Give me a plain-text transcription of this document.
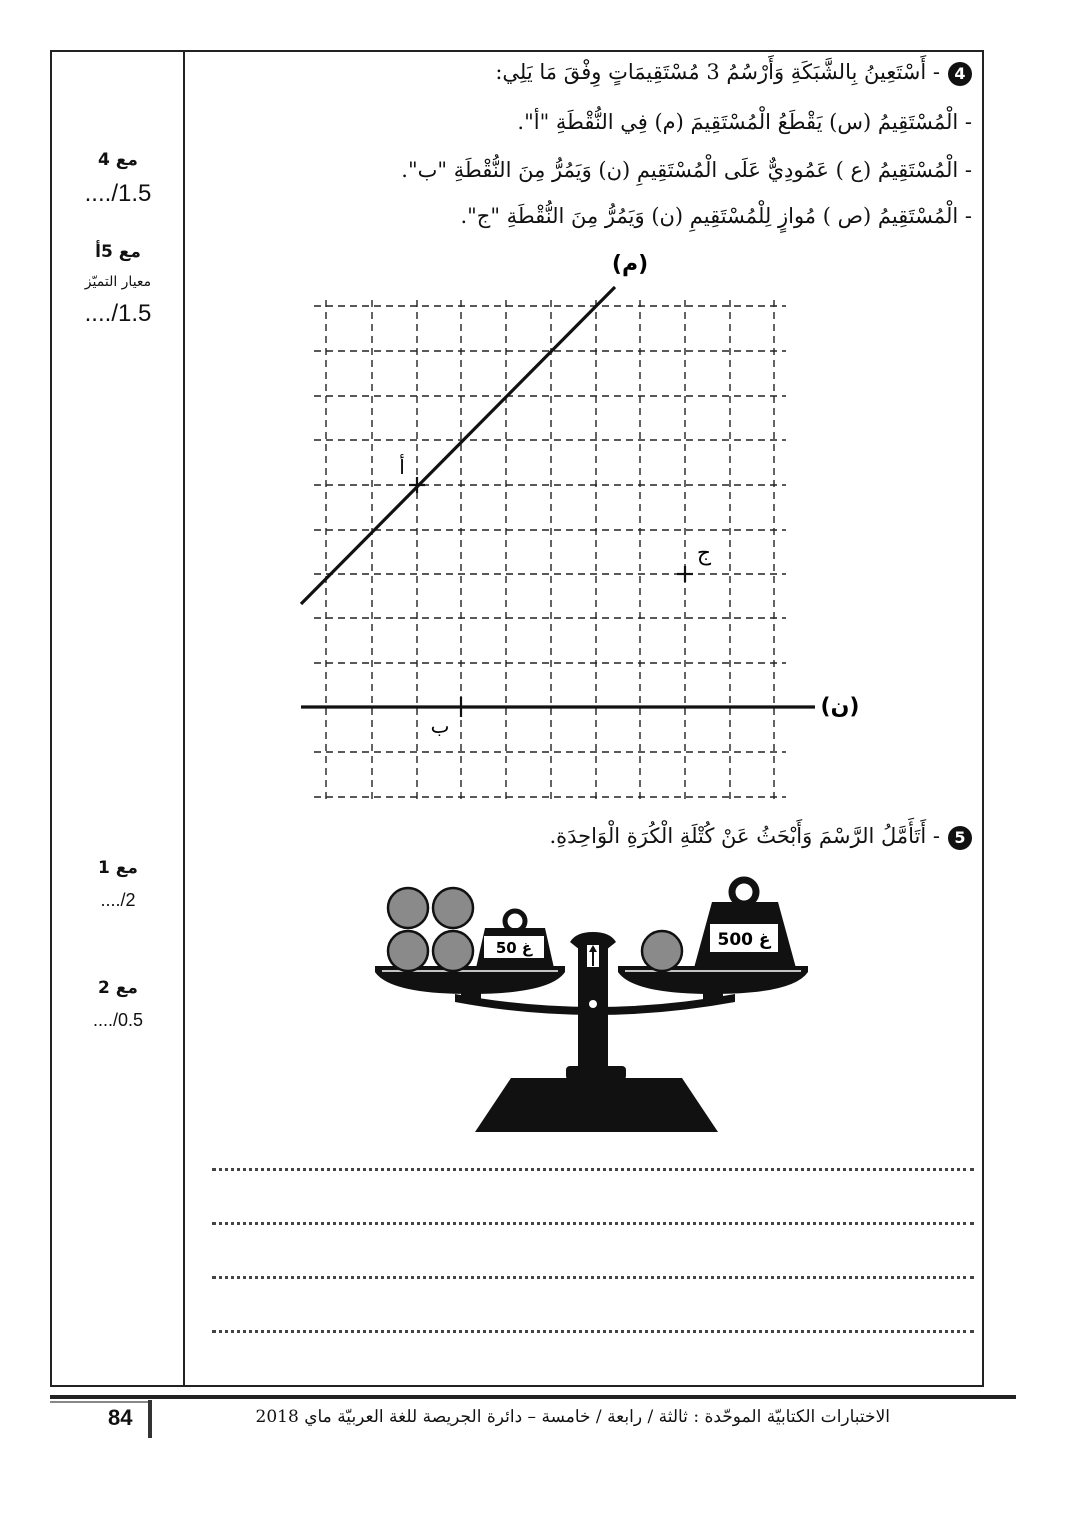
مع 4
1.5/....
مع 5أ
معيار التميّز
1.5/....
مع 1
2/....
مع 2
0.5/....
4- أَسْتَعِينُ بِالشَّبَكَةِ وَأَرْسُمُ 3 مُسْتَقِيمَاتٍ وِفْقَ مَا يَلِي:
- الْمُسْتَقِيمُ (س) يَقْطَعُ الْمُسْتَقِيمَ (م) فِي النُّقْطَةِ "أ".
- الْمُسْتَقِيمُ (ع ) عَمُودِيٌّ عَلَى الْمُسْتَقِيمِ (ن) وَيَمُرُّ مِنَ النُّقْطَةِ "ب".
- الْمُسْتَقِيمُ (ص ) مُوازٍ لِلْمُسْتَقِيمِ (ن) وَيَمُرُّ مِنَ النُّقْطَةِ "ج".
(م)
(ن)
أ
ب
ج
5- أَتَأَمَّلُ الرَّسْمَ وَأَبْحَثُ عَنْ كُتْلَةِ الْكُرَةِ الْوَاحِدَةِ.
50 غ	500 غ
84	الاختبارات الكتابيّة الموحّدة : ثالثة / رابعة / خامسة – دائرة الجريصة للغة العربيّة ماي 2018
